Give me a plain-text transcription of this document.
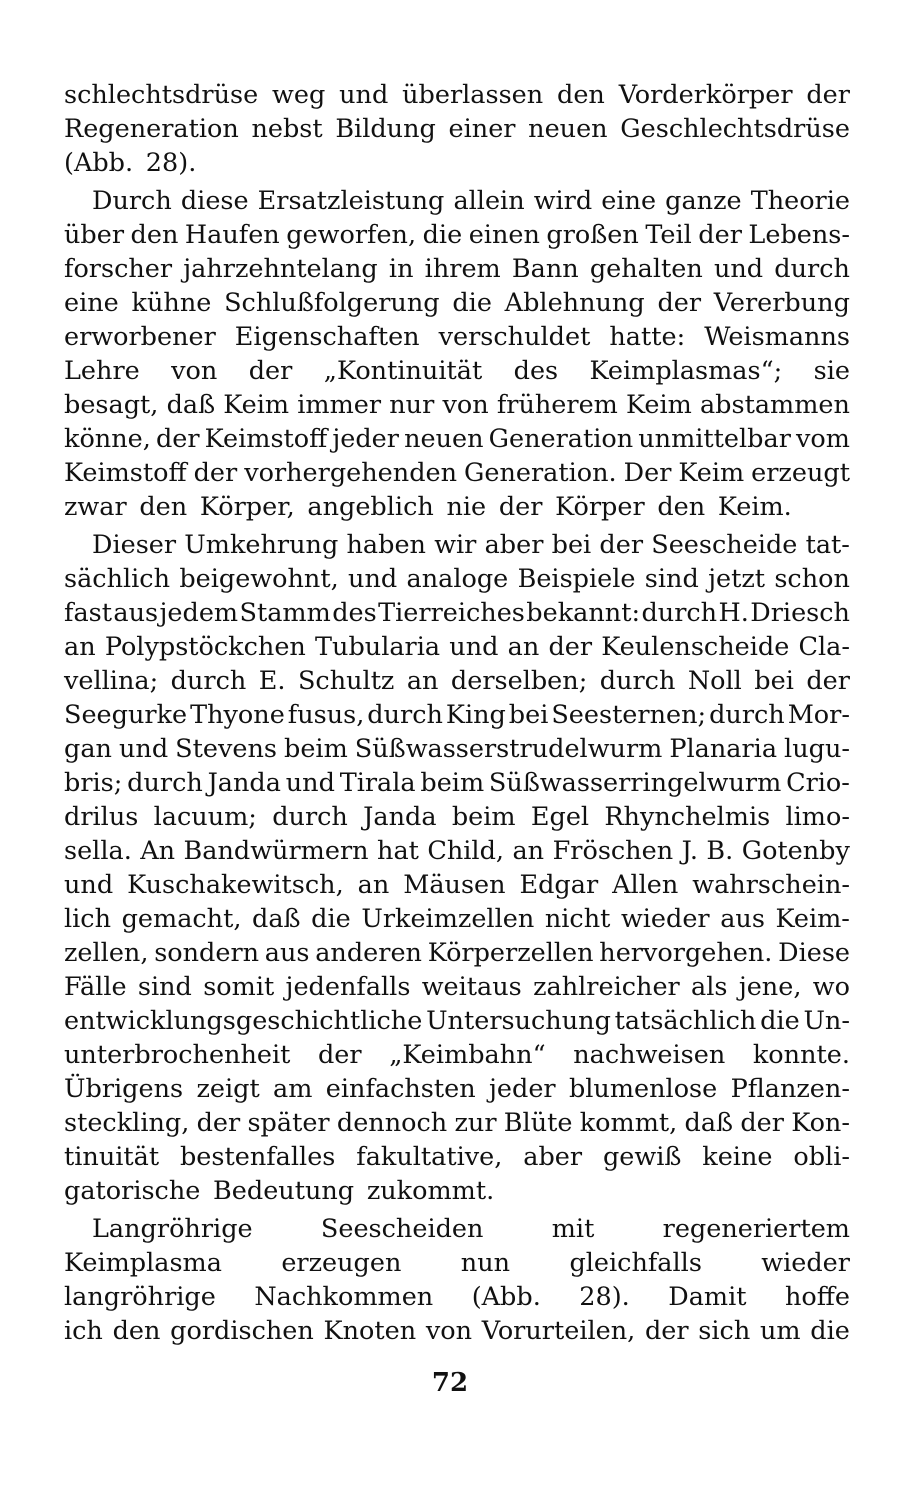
schlechtsdrüse weg und überlassen den Vorderkörper der
Regeneration nebst Bildung einer neuen Geschlechtsdrüse
(Abb. 28).
Durch diese Ersatzleistung allein wird eine ganze Theorie
über den Haufen geworfen, die einen großen Teil der Lebens-
forscher jahrzehntelang in ihrem Bann gehalten und durch
eine kühne Schlußfolgerung die Ablehnung der Vererbung
erworbener Eigenschaften verschuldet hatte: Weismanns
Lehre von der „Kontinuität des Keimplasmas“; sie
besagt, daß Keim immer nur von früherem Keim abstammen
könne, der Keimstoff jeder neuen Generation unmittelbar vom
Keimstoff der vorhergehenden Generation. Der Keim erzeugt
zwar den Körper, angeblich nie der Körper den Keim.
Dieser Umkehrung haben wir aber bei der Seescheide tat-
sächlich beigewohnt, und analoge Beispiele sind jetzt schon
fast aus jedem Stamm des Tierreiches bekannt: durch H. Driesch
an Polypstöckchen Tubularia und an der Keulenscheide Cla-
vellina; durch E. Schultz an derselben; durch Noll bei der
Seegurke Thyone fusus, durch King bei Seesternen; durch Mor-
gan und Stevens beim Süßwasserstrudelwurm Planaria lugu-
bris; durch Janda und Tirala beim Süßwasserringelwurm Crio-
drilus lacuum; durch Janda beim Egel Rhynchelmis limo-
sella. An Bandwürmern hat Child, an Fröschen J. B. Gotenby
und Kuschakewitsch, an Mäusen Edgar Allen wahrschein-
lich gemacht, daß die Urkeimzellen nicht wieder aus Keim-
zellen, sondern aus anderen Körperzellen hervorgehen. Diese
Fälle sind somit jedenfalls weitaus zahlreicher als jene, wo
entwicklungsgeschichtliche Untersuchung tatsächlich die Un-
unterbrochenheit der „Keimbahn“ nachweisen konnte.
Übrigens zeigt am einfachsten jeder blumenlose Pflanzen-
steckling, der später dennoch zur Blüte kommt, daß der Kon-
tinuität bestenfalles fakultative, aber gewiß keine obli-
gatorische Bedeutung zukommt.
Langröhrige	Seescheiden	mit	regeneriertem
Keimplasma erzeugen nun gleichfalls wieder
langröhrige Nachkommen (Abb. 28). Damit hoffe
ich den gordischen Knoten von Vorurteilen, der sich um die
72
